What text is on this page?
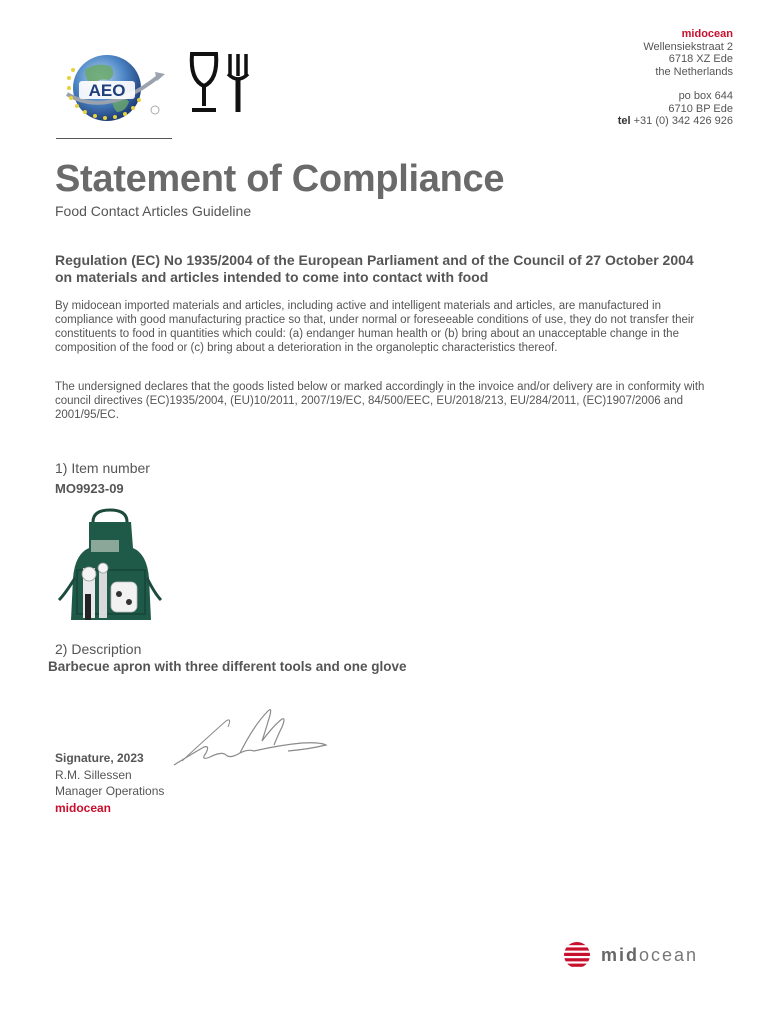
midocean
Wellensiekstraat 2
6718 XZ Ede
the Netherlands
po box 644
6710 BP Ede
tel +31 (0) 342 426 926
AEO
Statement of Compliance
Food Contact Articles Guideline
Regulation (EC) No 1935/2004 of the European Parliament and of the Council of 27 October 2004 on materials and articles intended to come into contact with food
By midocean imported materials and articles, including active and intelligent materials and articles, are manufactured in compliance with good manufacturing practice so that, under normal or foreseeable conditions of use, they do not transfer their constituents to food in quantities which could: (a) endanger human health or (b) bring about an unacceptable change in the composition of the food or (c) bring about a deterioration in the organoleptic characteristics thereof.
The undersigned declares that the goods listed below or marked accordingly in the invoice and/or delivery are in conformity with council directives (EC)1935/2004, (EU)10/2011, 2007/19/EC, 84/500/EEC, EU/2018/213, EU/284/2011, (EC)1907/2006 and 2001/95/EC.
1) Item number
MO9923-09
2) Description
Barbecue apron with three different tools and one glove
Signature, 2023
R.M. Sillessen
Manager Operations
midocean
midocean
